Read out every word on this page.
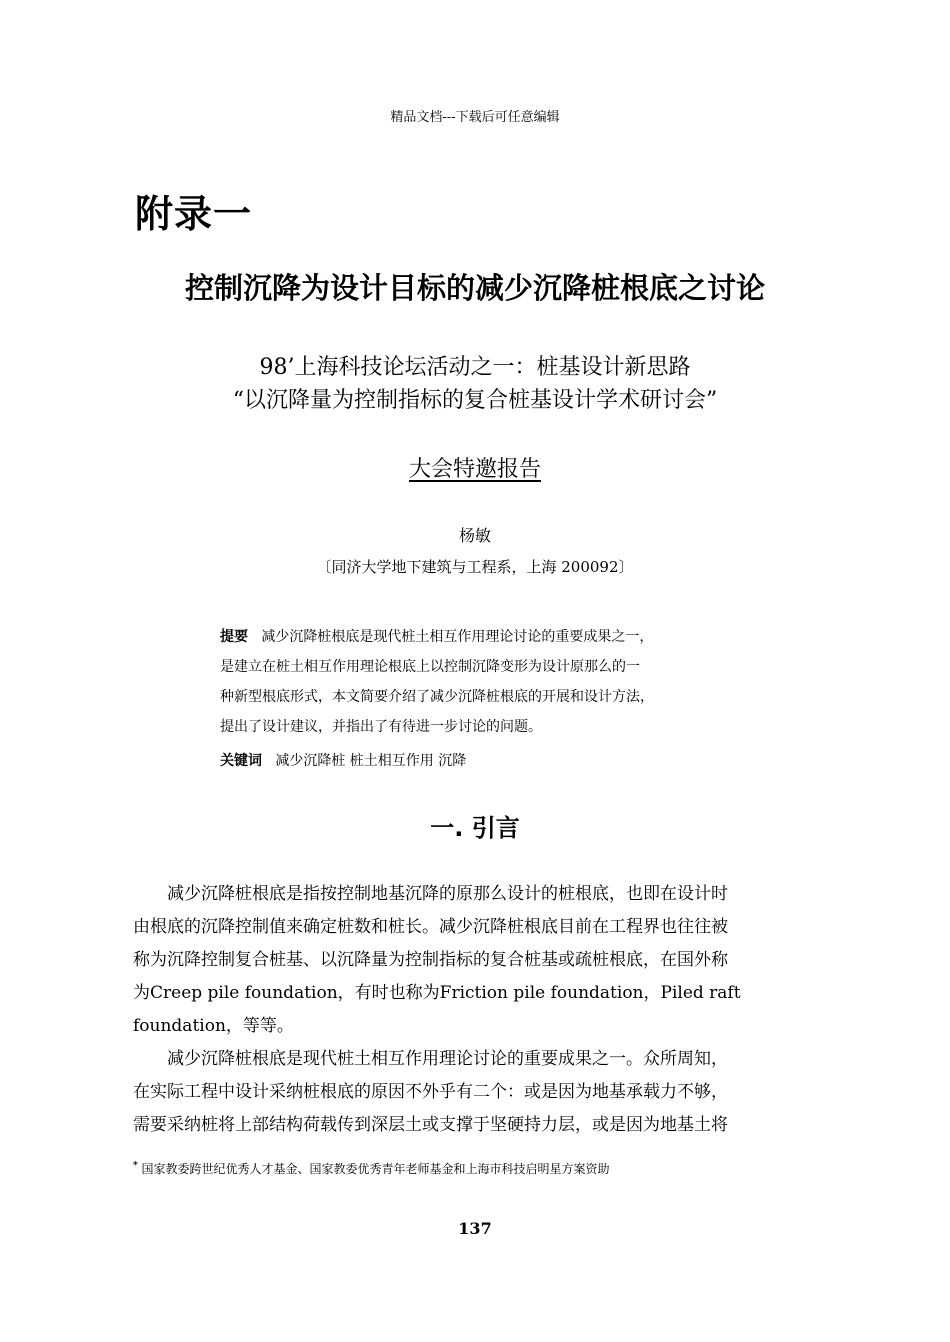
精品文档---下载后可任意编辑
附录一
控制沉降为设计目标的减少沉降桩根底之讨论
98’上海科技论坛活动之一：桩基设计新思路
“以沉降量为控制指标的复合桩基设计学术研讨会”
大会特邀报告
杨敏
〔同济大学地下建筑与工程系，上海 200092〕
提要 减少沉降桩根底是现代桩土相互作用理论讨论的重要成果之一，
是建立在桩土相互作用理论根底上以控制沉降变形为设计原那么的一
种新型根底形式，本文简要介绍了减少沉降桩根底的开展和设计方法，
提出了设计建议，并指出了有待进一步讨论的问题。
关键词 减少沉降桩 桩土相互作用 沉降
一. 引言
减少沉降桩根底是指按控制地基沉降的原那么设计的桩根底，也即在设计时
由根底的沉降控制值来确定桩数和桩长。减少沉降桩根底目前在工程界也往往被
称为沉降控制复合桩基、以沉降量为控制指标的复合桩基或疏桩根底，在国外称
为Creep pile foundation，有时也称为Friction pile foundation，Piled raft
foundation，等等。
减少沉降桩根底是现代桩土相互作用理论讨论的重要成果之一。众所周知，
在实际工程中设计采纳桩根底的原因不外乎有二个：或是因为地基承载力不够，
需要采纳桩将上部结构荷载传到深层土或支撑于坚硬持力层，或是因为地基土将
* 国家教委跨世纪优秀人才基金、国家教委优秀青年老师基金和上海市科技启明星方案资助
137
